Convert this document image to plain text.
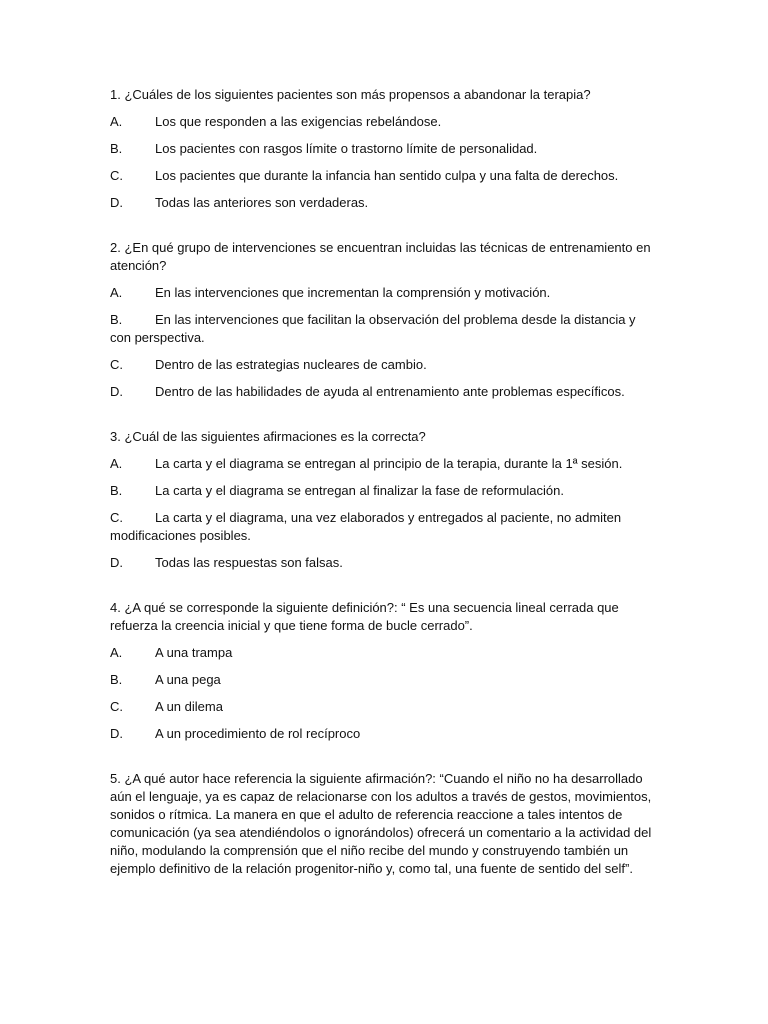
1. ¿Cuáles de los siguientes pacientes son más propensos a abandonar la terapia?

A.	Los que responden a las exigencias rebelándose.

B.	Los pacientes con rasgos límite o trastorno límite de personalidad.

C. Los pacientes que durante la infancia han sentido culpa y una falta de derechos.

D. Todas las anteriores son verdaderas.

2. ¿En qué grupo de intervenciones se encuentran incluidas las técnicas de entrenamiento en atención?

A.	En las intervenciones que incrementan la comprensión y motivación.

B.	En las intervenciones que facilitan la observación del problema desde la distancia y con perspectiva.

C. Dentro de las estrategias nucleares de cambio.

D. Dentro de las habilidades de ayuda al entrenamiento ante problemas específicos.

3. ¿Cuál de las siguientes afirmaciones es la correcta?

A.	La carta y el diagrama se entregan al principio de la terapia, durante la 1ª sesión.

B.	La carta y el diagrama se entregan al finalizar la fase de reformulación.

C. La carta y el diagrama, una vez elaborados y entregados al paciente, no admiten modificaciones posibles.

D. Todas las respuestas son falsas.

4. ¿A qué se corresponde la siguiente definición?: “ Es una secuencia lineal cerrada que refuerza la creencia inicial y que tiene forma de bucle cerrado”.

A.	A una trampa

B.	A una pega

C. A un dilema

D. A un procedimiento de rol recíproco

5. ¿A qué autor hace referencia la siguiente afirmación?: “Cuando el niño no ha desarrollado aún el lenguaje, ya es capaz de relacionarse con los adultos a través de gestos, movimientos, sonidos o rítmica. La manera en que el adulto de referencia reaccione a tales intentos de comunicación (ya sea atendiéndolos o ignorándolos) ofrecerá un comentario a la actividad del niño, modulando la comprensión que el niño recibe del mundo y construyendo también un ejemplo definitivo de la relación progenitor-niño y, como tal, una fuente de sentido del self”.
